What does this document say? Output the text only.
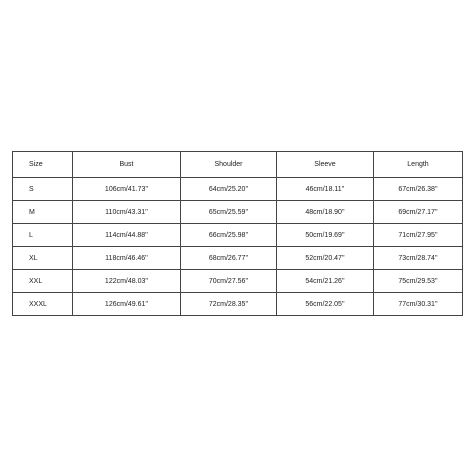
Size	Bust	Shoulder	Sleeve	Length
S	106cm/41.73''	64cm/25.20''	46cm/18.11''	67cm/26.38''
M	110cm/43.31''	65cm/25.59''	48cm/18.90''	69cm/27.17''
L	114cm/44.88''	66cm/25.98''	50cm/19.69''	71cm/27.95''
XL	118cm/46.46''	68cm/26.77''	52cm/20.47''	73cm/28.74''
XXL	122cm/48.03''	70cm/27.56''	54cm/21.26''	75cm/29.53''
XXXL	126cm/49.61''	72cm/28.35''	56cm/22.05''	77cm/30.31''
